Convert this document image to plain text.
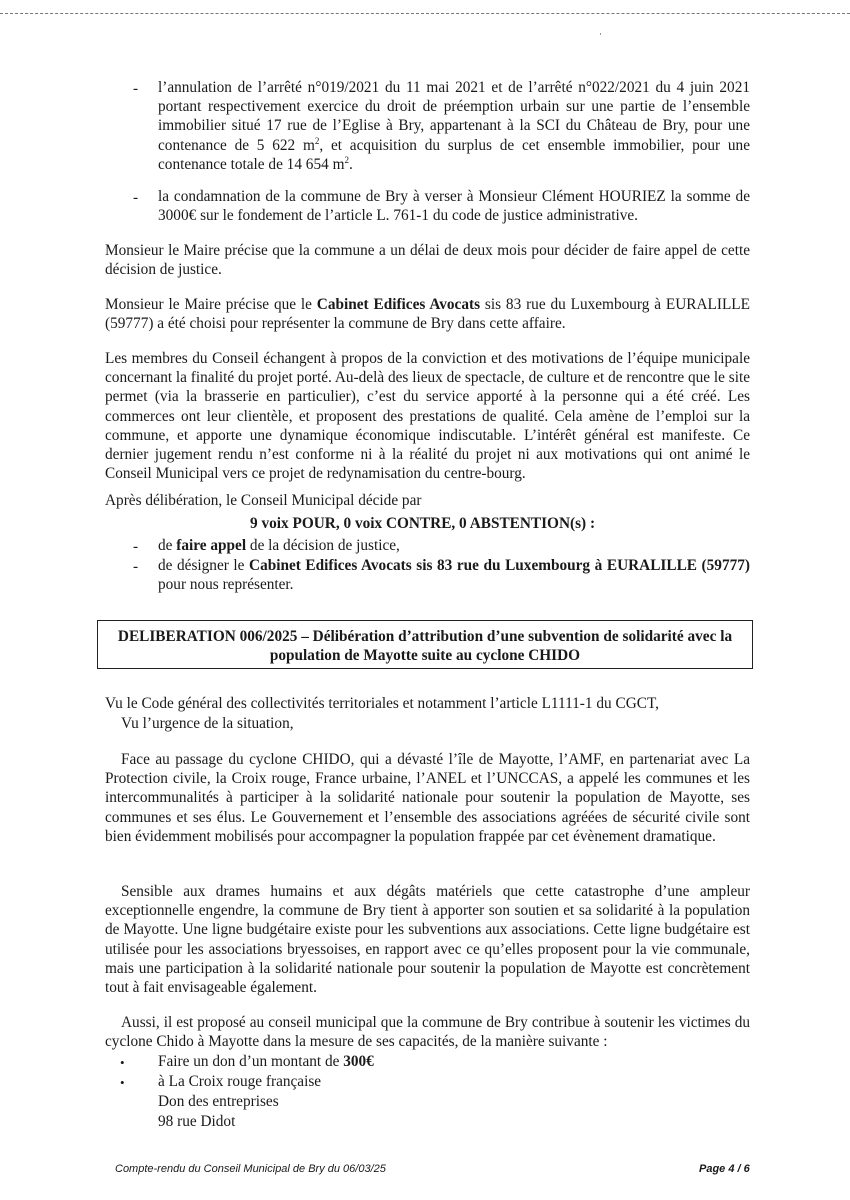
- l’annulation de l’arrêté n°019/2021 du 11 mai 2021 et de l’arrêté n°022/2021 du 4 juin 2021 portant respectivement exercice du droit de préemption urbain sur une partie de l’ensemble immobilier situé 17 rue de l’Eglise à Bry, appartenant à la SCI du Château de Bry, pour une contenance de 5 622 $m^2$, et acquisition du surplus de cet ensemble immobilier, pour une contenance totale de 14 654 $m^2$.

- la condamnation de la commune de Bry à verser à Monsieur Clément HOURIEZ la somme de 3000€ sur le fondement de l’article L. 761-1 du code de justice administrative.

Monsieur le Maire précise que la commune a un délai de deux mois pour décider de faire appel de cette décision de justice.

Monsieur le Maire précise que le Cabinet Edifices Avocats sis 83 rue du Luxembourg à EURALILLE (59777) a été choisi pour représenter la commune de Bry dans cette affaire.

Les membres du Conseil échangent à propos de la conviction et des motivations de l’équipe municipale concernant la finalité du projet porté. Au-delà des lieux de spectacle, de culture et de rencontre que le site permet (via la brasserie en particulier), c’est du service apporté à la personne qui a été créé. Les commerces ont leur clientèle, et proposent des prestations de qualité. Cela amène de l’emploi sur la commune, et apporte une dynamique économique indiscutable. L’intérêt général est manifeste. Ce dernier jugement rendu n’est conforme ni à la réalité du projet ni aux motivations qui ont animé le Conseil Municipal vers ce projet de redynamisation du centre-bourg.

Après délibération, le Conseil Municipal décide par
9 voix POUR, 0 voix CONTRE, 0 ABSTENTION(s) :
- de faire appel de la décision de justice,
- de désigner le Cabinet Edifices Avocats sis 83 rue du Luxembourg à EURALILLE (59777) pour nous représenter.

DELIBERATION 006/2025 – Délibération d’attribution d’une subvention de solidarité avec la population de Mayotte suite au cyclone CHIDO
Vu le Code général des collectivités territoriales et notamment l’article L1111-1 du CGCT,
Vu l’urgence de la situation,

Face au passage du cyclone CHIDO, qui a dévasté l’île de Mayotte, l’AMF, en partenariat avec La Protection civile, la Croix rouge, France urbaine, l’ANEL et l’UNCCAS, a appelé les communes et les intercommunalités à participer à la solidarité nationale pour soutenir la population de Mayotte, ses communes et ses élus. Le Gouvernement et l’ensemble des associations agréées de sécurité civile sont bien évidemment mobilisés pour accompagner la population frappée par cet évènement dramatique.

Sensible aux drames humains et aux dégâts matériels que cette catastrophe d’une ampleur exceptionnelle engendre, la commune de Bry tient à apporter son soutien et sa solidarité à la population de Mayotte. Une ligne budgétaire existe pour les subventions aux associations. Cette ligne budgétaire est utilisée pour les associations bryessoises, en rapport avec ce qu’elles proposent pour la vie communale, mais une participation à la solidarité nationale pour soutenir la population de Mayotte est concrètement tout à fait envisageable également.

Aussi, il est proposé au conseil municipal que la commune de Bry contribue à soutenir les victimes du cyclone Chido à Mayotte dans la mesure de ses capacités, de la manière suivante :

• Faire un don d’un montant de 300€
• à La Croix rouge française
Don des entreprises
98 rue Didot
Compte-rendu du Conseil Municipal de Bry du 06/03/25	Page 4 / 6
